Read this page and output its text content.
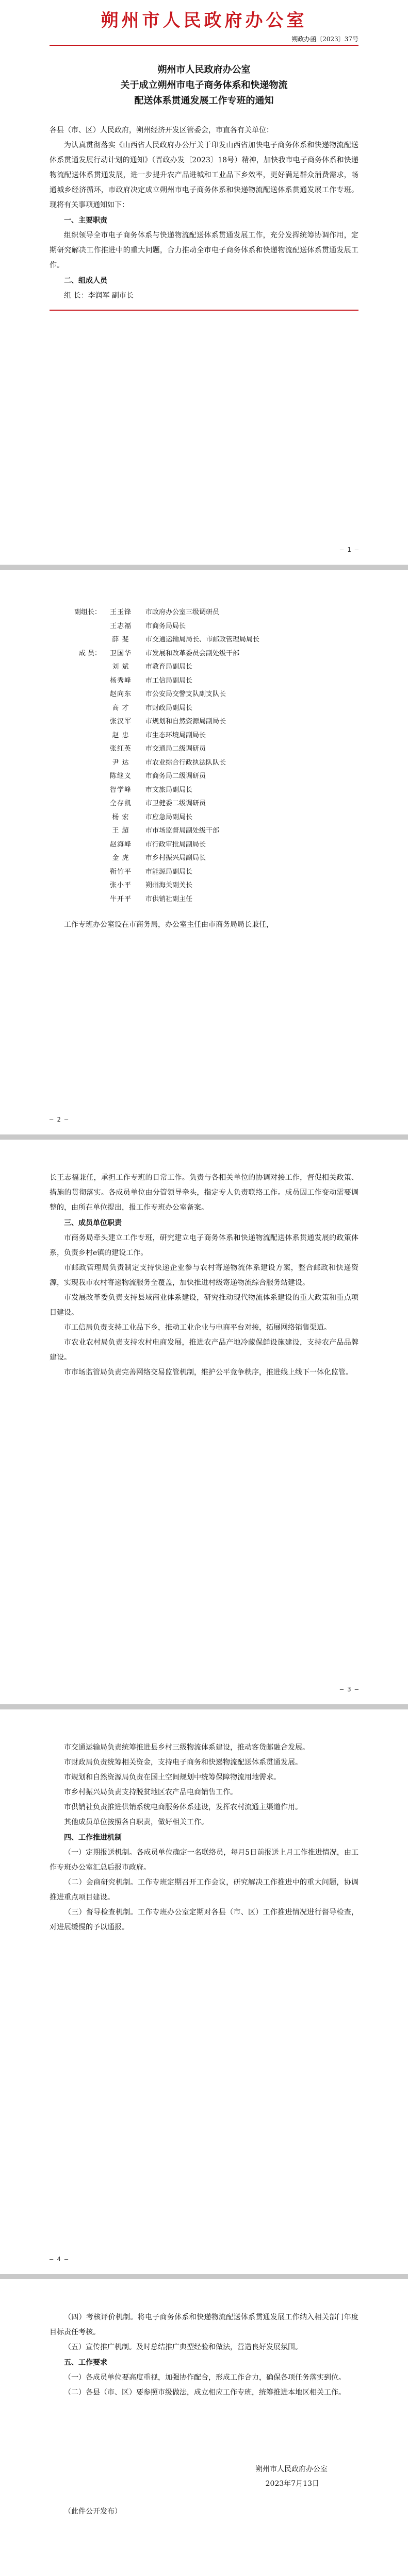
朔州市人民政府办公室

朔政办函〔2023〕37号

朔州市人民政府办公室

关于成立朔州市电子商务体系和快递物流

配送体系贯通发展工作专班的通知

各县（市、区）人民政府，朔州经济开发区管委会，市直各有关单位：

为认真贯彻落实《山西省人民政府办公厅关于印发山西省加快电子商务体系和快递物流配送体系贯通发展行动计划的通知》（晋政办发〔2023〕18号）精神，加快我市电子商务体系和快递物流配送体系贯通发展，进一步提升农产品进城和工业品下乡效率，更好满足群众消费需求，畅通城乡经济循环，市政府决定成立朔州市电子商务体系和快递物流配送体系贯通发展工作专班。现将有关事项通知如下：

一、主要职责

组织领导全市电子商务体系与快递物流配送体系贯通发展工作，充分发挥统筹协调作用，定期研究解决工作推进中的重大问题，合力推动全市电子商务体系和快递物流配送体系贯通发展工作。

二、组成人员

组 长：李润军 副市长

— 1 —
副组长：	王玉锋	市政府办公室三级调研员
王志福	市商务局局长
薛 斐	市交通运输局局长、市邮政管理局局长
成 员：	卫国华	市发展和改革委员会副处级干部
刘 斌	市教育局副局长
杨秀峰	市工信局副局长
赵向东	市公安局交警支队副支队长
高 才	市财政局副局长
张汉军	市规划和自然资源局副局长
赵 忠	市生态环境局副局长
张红英	市交通局二级调研员
尹 达	市农业综合行政执法队队长
陈继义	市商务局二级调研员
智学峰	市文旅局副局长
仝存凯	市卫健委二级调研员
杨 宏	市应急局副局长
王 超	市市场监督局副处级干部
赵海峰	市行政审批局副局长
金 虎	市乡村振兴局副局长
靳竹平	市能源局副局长
张小平	朔州海关副关长
牛开平	市供销社副主任

工作专班办公室设在市商务局，办公室主任由市商务局局长兼任，

— 2 —

长王志福兼任，承担工作专班的日常工作。负责与各相关单位的协调对接工作，督促相关政策、措施的贯彻落实。各成员单位由分管领导牵头，指定专人负责联络工作。成员因工作变动需要调整的，由所在单位提出，报工作专班办公室备案。

三、成员单位职责

市商务局牵头建立工作专班，研究建立电子商务体系和快递物流配送体系贯通发展的政策体系，负责乡村e镇的建设工作。

市邮政管理局负责制定支持快递企业参与农村寄递物流体系建设方案，整合邮政和快递资源，实现我市农村寄递物流服务全覆盖，加快推进村级寄递物流综合服务站建设。

市发展改革委负责支持县域商业体系建设，研究推动现代物流体系建设的重大政策和重点项目建设。

市工信局负责支持工业品下乡，推动工业企业与电商平台对接，拓展网络销售渠道。

市农业农村局负责支持农村电商发展，推进农产品产地冷藏保鲜设施建设，支持农产品品牌建设。

市市场监管局负责完善网络交易监管机制，维护公平竞争秩序，推进线上线下一体化监管。

— 3 —

市交通运输局负责统筹推进县乡村三级物流体系建设，推动客货邮融合发展。

市财政局负责统筹相关资金，支持电子商务和快递物流配送体系贯通发展。

市规划和自然资源局负责在国土空间规划中统筹保障物流用地需求。

市乡村振兴局负责支持脱贫地区农产品电商销售工作。

市供销社负责推进供销系统电商服务体系建设，发挥农村流通主渠道作用。

其他成员单位按照各自职责，做好相关工作。

四、工作推进机制

（一）定期报送机制。各成员单位确定一名联络员，每月5日前报送上月工作推进情况，由工作专班办公室汇总后报市政府。

（二）会商研究机制。工作专班定期召开工作会议，研究解决工作推进中的重大问题，协调推进重点项目建设。

（三）督导检查机制。工作专班办公室定期对各县（市、区）工作推进情况进行督导检查，对进展缓慢的予以通报。

— 4 —

（四）考核评价机制。将电子商务体系和快递物流配送体系贯通发展工作纳入相关部门年度目标责任考核。

（五）宣传推广机制。及时总结推广典型经验和做法，营造良好发展氛围。

五、工作要求

（一）各成员单位要高度重视，加强协作配合，形成工作合力，确保各项任务落实到位。

（二）各县（市、区）要参照市级做法，成立相应工作专班，统筹推进本地区相关工作。

朔州市人民政府办公室

2023年7月13日

（此件公开发布）
